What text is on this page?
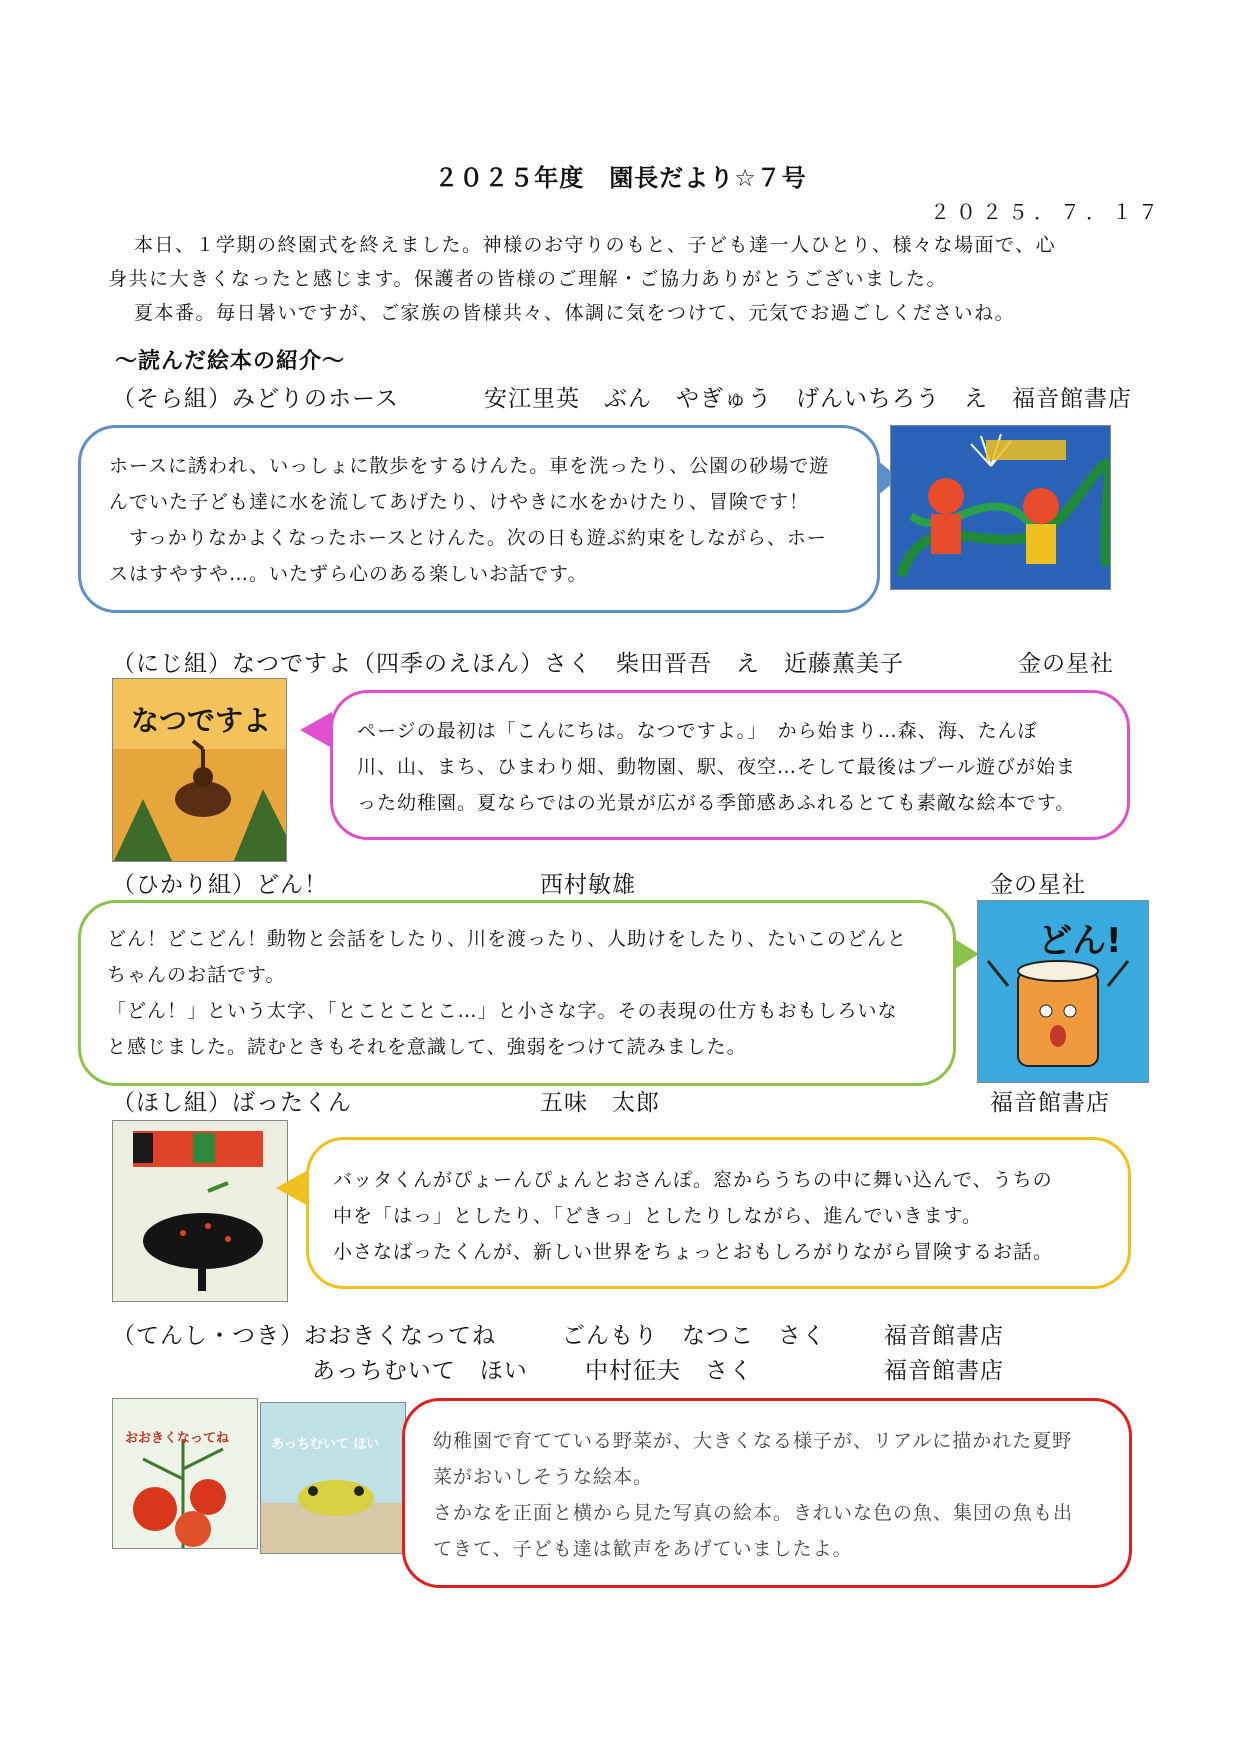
２０２５年度　園長だより☆７号
２０２５．７．１７

本日、１学期の終園式を終えました。神様のお守りのもと、子ども達一人ひとり、様々な場面で、心

身共に大きくなったと感じます。保護者の皆様のご理解・ご協力ありがとうございました。

夏本番。毎日暑いですが、ご家族の皆様共々、体調に気をつけて、元気でお過ごしくださいね。

〜読んだ絵本の紹介〜
（そら組）みどりのホース	安江里英　ぶん　やぎゅう　げんいちろう　え　福音館書店

ホースに誘われ、いっしょに散歩をするけんた。車を洗ったり、公園の砂場で遊

んでいた子ども達に水を流してあげたり、けやきに水をかけたり、冒険です！

　すっかりなかよくなったホースとけんた。次の日も遊ぶ約束をしながら、ホー

スはすやすや…。いたずら心のある楽しいお話です。

（にじ組）なつですよ（四季のえほん）さく　柴田晋吾　え　近藤薫美子	金の星社
なつですよ	ページの最初は「こんにちは。なつですよ。」　から始まり…森、海、たんぼ

川、山、まち、ひまわり畑、動物園、駅、夜空…そして最後はプール遊びが始ま

った幼稚園。夏ならではの光景が広がる季節感あふれるとても素敵な絵本です。

（ひかり組）どん！	西村敏雄	金の星社

どん！どこどん！動物と会話をしたり、川を渡ったり、人助けをしたり、たいこのどんと

ちゃんのお話です。

「どん！」という太字、「とことことこ…」と小さな字。その表現の仕方もおもしろいな

と感じました。読むときもそれを意識して、強弱をつけて読みました。

どん!
（ほし組）ばったくん	五味　太郎	福音館書店

バッタくんがぴょーんぴょんとおさんぽ。窓からうちの中に舞い込んで、うちの

中を「はっ」としたり、「どきっ」としたりしながら、進んでいきます。

小さなばったくんが、新しい世界をちょっとおもしろがりながら冒険するお話。

（てんし・つき）おおきくなってね	ごんもり　なつこ　さく	福音館書店
あっちむいて　ほい 中村征夫　さく	福音館書店
おおきくなってね	あっちむいて ほい	幼稚園で育てている野菜が、大きくなる様子が、リアルに描かれた夏野

菜がおいしそうな絵本。

さかなを正面と横から見た写真の絵本。きれいな色の魚、集団の魚も出

てきて、子ども達は歓声をあげていましたよ。
